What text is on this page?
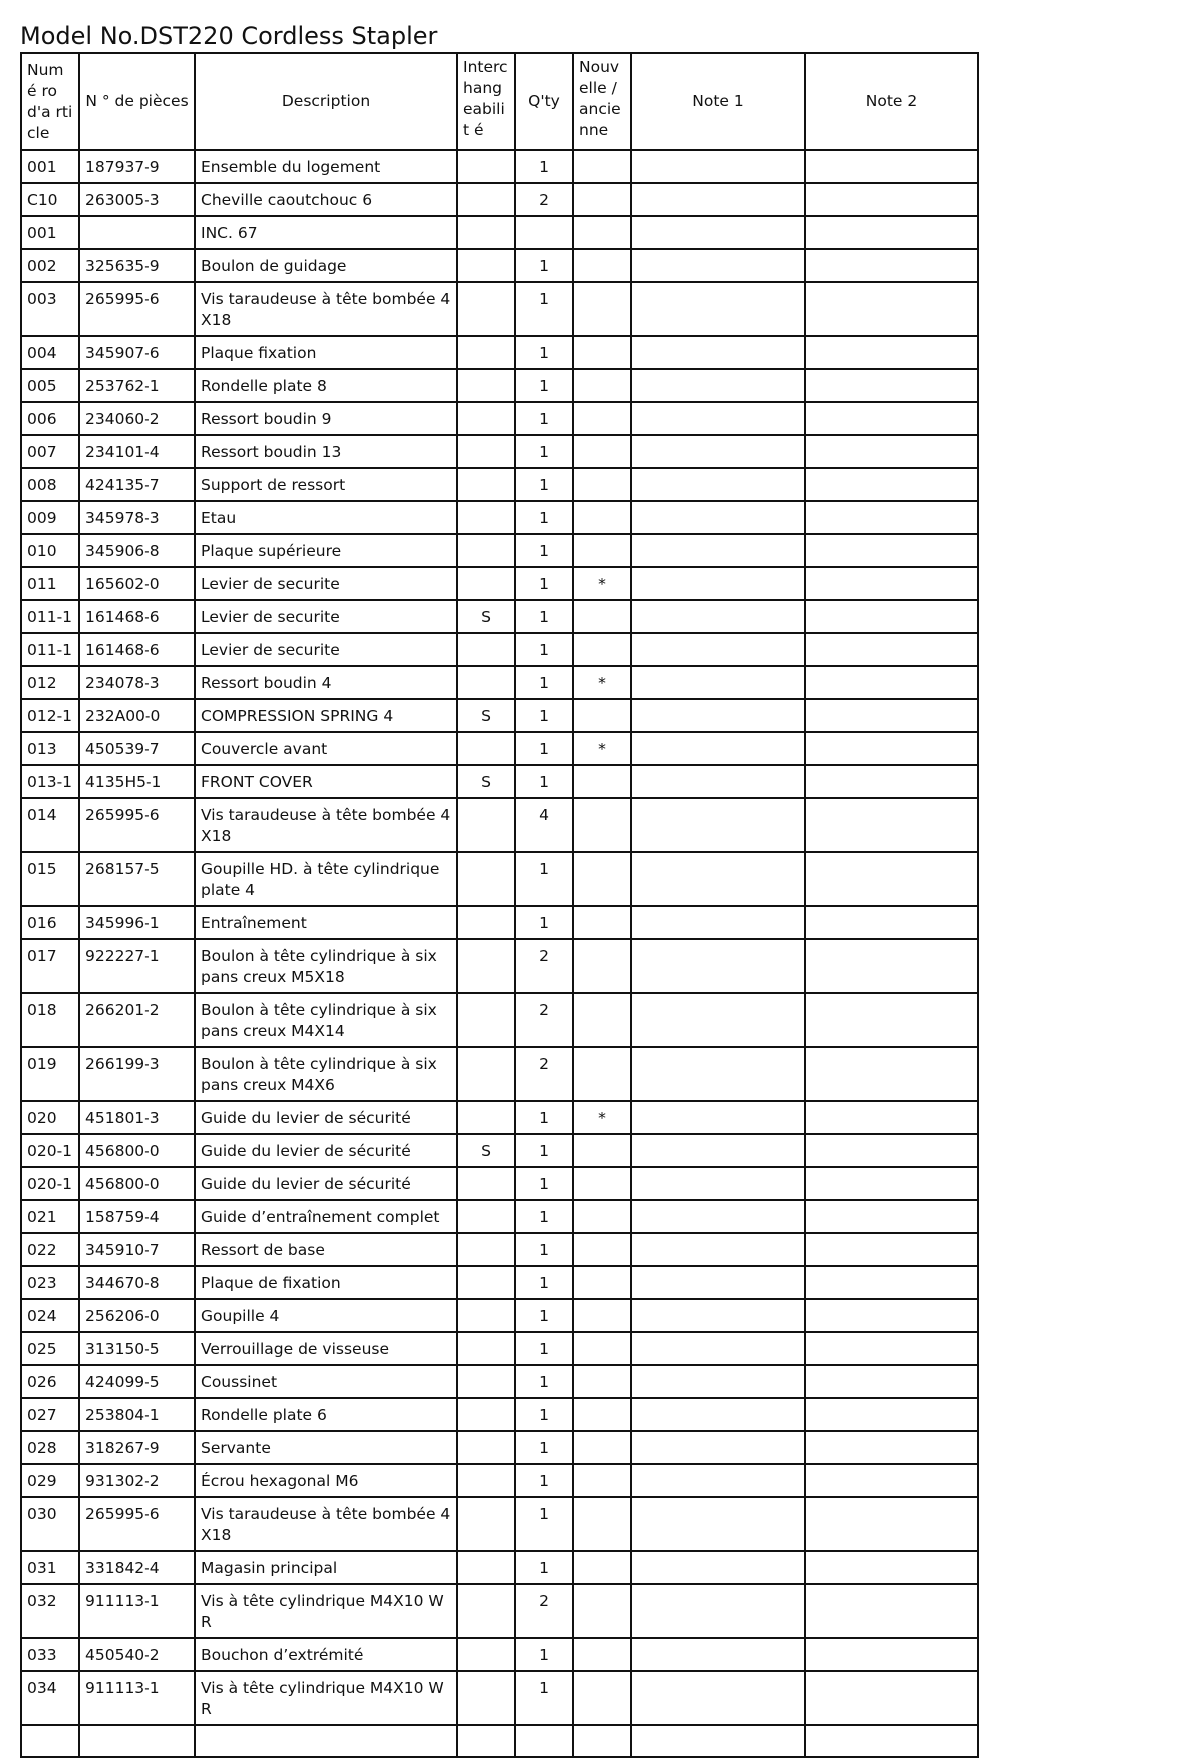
Model No.DST220 Cordless Stapler
Numé ro d'a rticle	N ° de pièces	Description	Interc hang eabilit é	Q'ty	Nouv elle / ancie nne	Note 1	Note 2
001	187937-9	Ensemble du logement		1			
C10	263005-3	Cheville caoutchouc 6		2			
001		INC. 67					
002	325635-9	Boulon de guidage		1			
003	265995-6	Vis taraudeuse à tête bombée 4X18		1			
004	345907-6	Plaque fixation		1			
005	253762-1	Rondelle plate 8		1			
006	234060-2	Ressort boudin 9		1			
007	234101-4	Ressort boudin 13		1			
008	424135-7	Support de ressort		1			
009	345978-3	Etau		1			
010	345906-8	Plaque supérieure		1			
011	165602-0	Levier de securite		1	*		
011-1	161468-6	Levier de securite	S	1			
011-1	161468-6	Levier de securite		1			
012	234078-3	Ressort boudin 4		1	*		
012-1	232A00-0	COMPRESSION SPRING 4	S	1			
013	450539-7	Couvercle avant		1	*		
013-1	4135H5-1	FRONT COVER	S	1			
014	265995-6	Vis taraudeuse à tête bombée 4X18		4			
015	268157-5	Goupille HD. à tête cylindrique plate 4		1			
016	345996-1	Entraînement		1			
017	922227-1	Boulon à tête cylindrique à six pans creux M5X18		2			
018	266201-2	Boulon à tête cylindrique à six pans creux M4X14		2			
019	266199-3	Boulon à tête cylindrique à six pans creux M4X6		2			
020	451801-3	Guide du levier de sécurité		1	*		
020-1	456800-0	Guide du levier de sécurité	S	1			
020-1	456800-0	Guide du levier de sécurité		1			
021	158759-4	Guide d’entraînement complet		1			
022	345910-7	Ressort de base		1			
023	344670-8	Plaque de fixation		1			
024	256206-0	Goupille 4		1			
025	313150-5	Verrouillage de visseuse		1			
026	424099-5	Coussinet		1			
027	253804-1	Rondelle plate 6		1			
028	318267-9	Servante		1			
029	931302-2	Écrou hexagonal M6		1			
030	265995-6	Vis taraudeuse à tête bombée 4X18		1			
031	331842-4	Magasin principal		1			
032	911113-1	Vis à tête cylindrique M4X10 WR		2			
033	450540-2	Bouchon d’extrémité		1			
034	911113-1	Vis à tête cylindrique M4X10 WR		1			
